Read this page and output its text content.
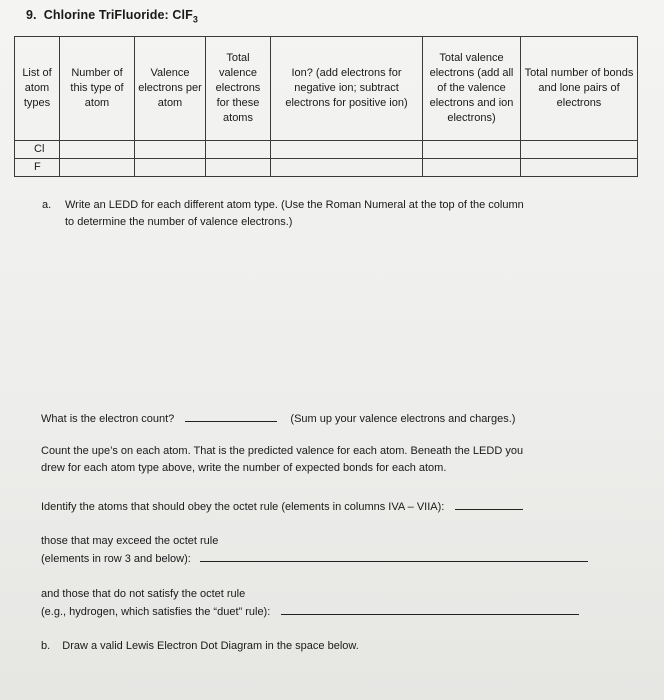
9. Chlorine TriFluoride: ClF$_3$
List of atom types	Number of this type of atom	Valence electrons per atom	Total valence electrons for these atoms	Ion? (add electrons for negative ion; subtract electrons for positive ion)	Total valence electrons (add all of the valence electrons and ion electrons)	Total number of bonds and lone pairs of electrons
Cl						
F						
a. Write an LEDD for each different atom type. (Use the Roman Numeral at the top of the column
to determine the number of valence electrons.)
What is the electron count?	(Sum up your valence electrons and charges.)
Count the upe’s on each atom. That is the predicted valence for each atom. Beneath the LEDD you
drew for each atom type above, write the number of expected bonds for each atom.
Identify the atoms that should obey the octet rule (elements in columns IVA – VIIA):
those that may exceed the octet rule
(elements in row 3 and below):
and those that do not satisfy the octet rule
(e.g., hydrogen, which satisfies the “duet” rule):
b. Draw a valid Lewis Electron Dot Diagram in the space below.
